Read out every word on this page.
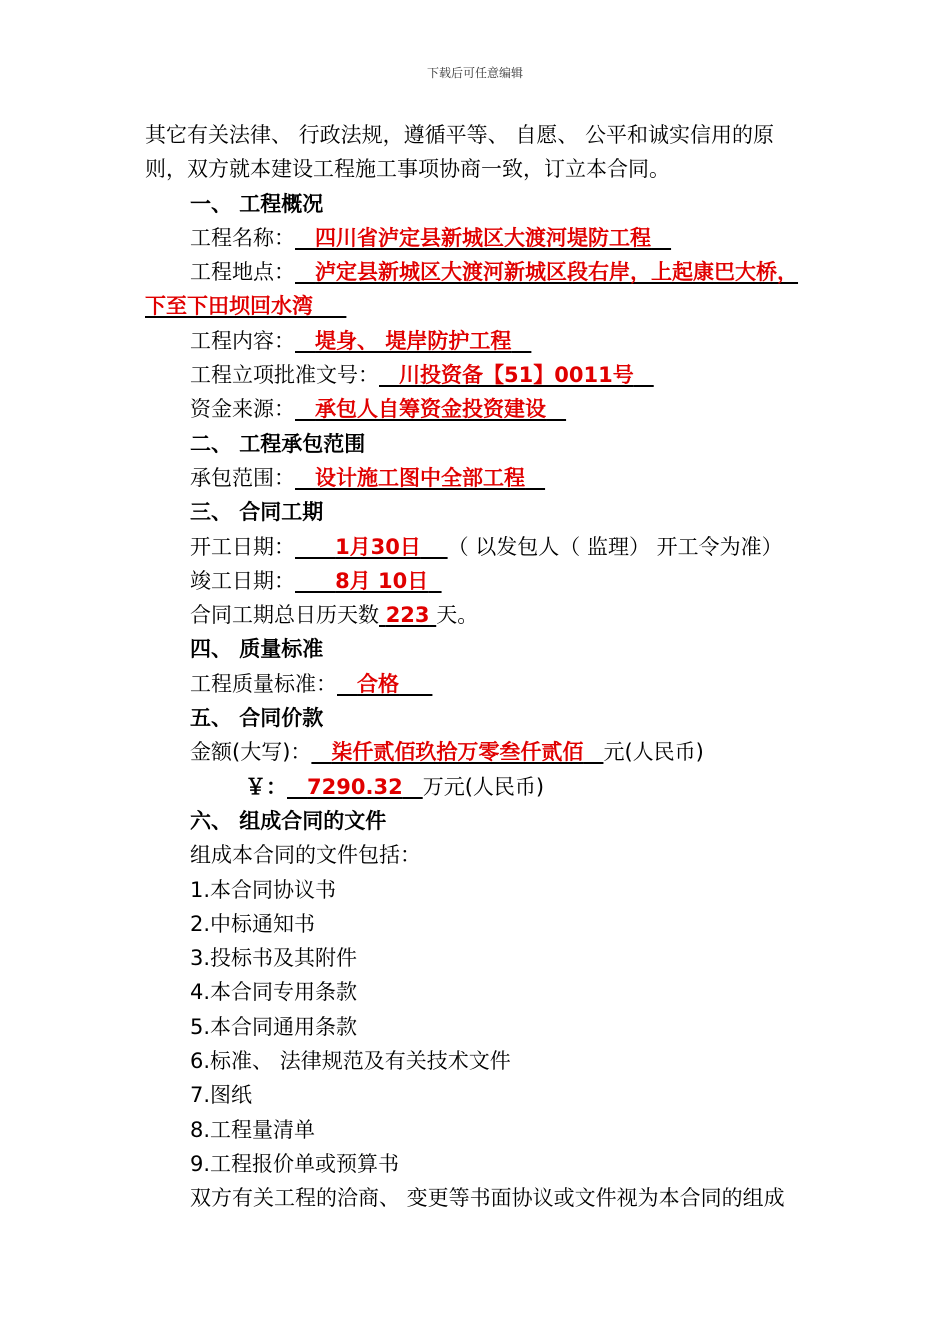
下载后可任意编辑
其它有关法律、 行政法规，遵循平等、 自愿、 公平和诚实信用的原
则，双方就本建设工程施工事项协商一致，订立本合同。
一、 工程概况
工程名称： 四川省泸定县新城区大渡河堤防工程
工程地点： 泸定县新城区大渡河新城区段右岸，上起康巴大桥，
下至下田坝回水湾
工程内容： 堤身、 堤岸防护工程
工程立项批准文号： 川投资备【51】0011号
资金来源： 承包人自筹资金投资建设
二、 工程承包范围
承包范围： 设计施工图中全部工程
三、 合同工期
开工日期： 1月30日 （ 以发包人（ 监理） 开工令为准）
竣工日期： 8月 10日
合同工期总日历天数 223 天。
四、 质量标准
工程质量标准： 合格
五、 合同价款
金额(大写)： 柒仟贰佰玖拾万零叁仟贰佰 元(人民币)
￥： 7290.32 万元(人民币)
六、 组成合同的文件
组成本合同的文件包括：
1.本合同协议书
2.中标通知书
3.投标书及其附件
4.本合同专用条款
5.本合同通用条款
6.标准、 法律规范及有关技术文件
7.图纸
8.工程量清单
9.工程报价单或预算书
双方有关工程的洽商、 变更等书面协议或文件视为本合同的组成
